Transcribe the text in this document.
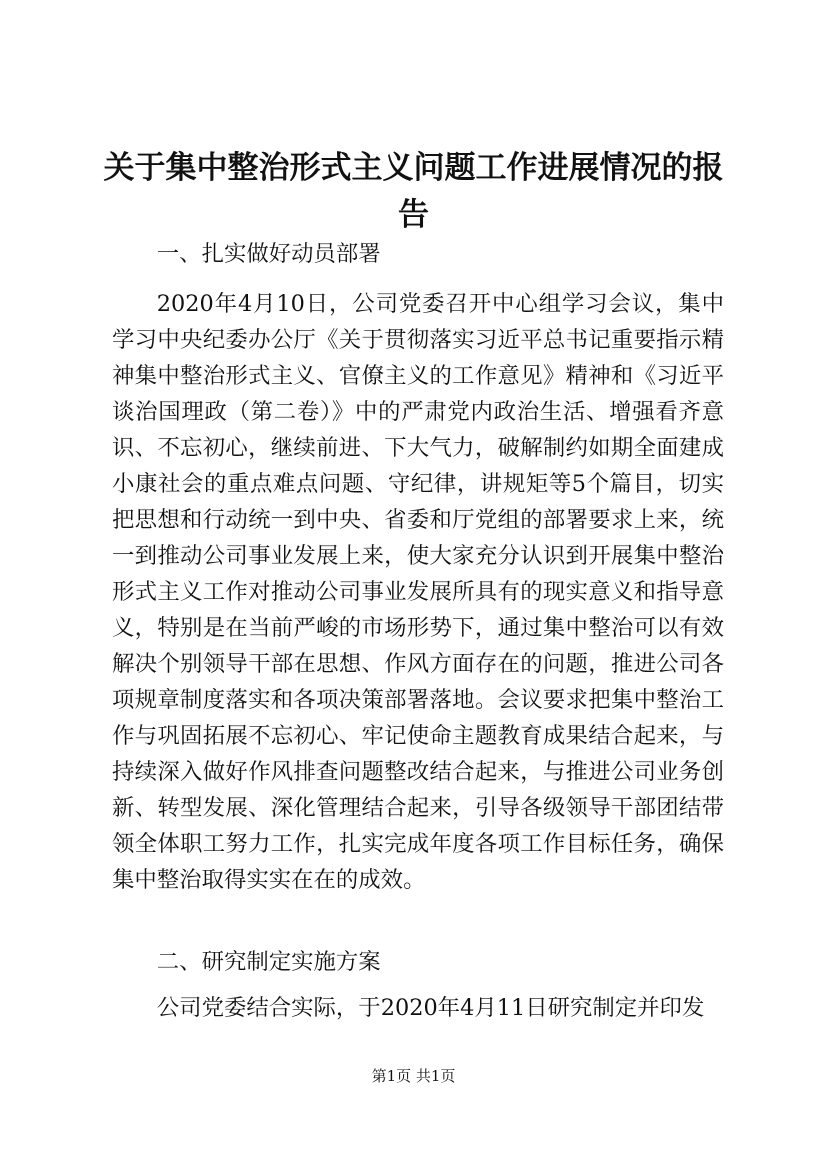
关于集中整治形式主义问题工作进展情况的报告

一、扎实做好动员部署

2020年4月10日，公司党委召开中心组学习会议，集中学习中央纪委办公厅《关于贯彻落实习近平总书记重要指示精神集中整治形式主义、官僚主义的工作意见》精神和《习近平谈治国理政（第二卷）》中的严肃党内政治生活、增强看齐意识、不忘初心，继续前进、下大气力，破解制约如期全面建成小康社会的重点难点问题、守纪律，讲规矩等5个篇目，切实把思想和行动统一到中央、省委和厅党组的部署要求上来，统一到推动公司事业发展上来，使大家充分认识到开展集中整治形式主义工作对推动公司事业发展所具有的现实意义和指导意义，特别是在当前严峻的市场形势下，通过集中整治可以有效解决个别领导干部在思想、作风方面存在的问题，推进公司各项规章制度落实和各项决策部署落地。会议要求把集中整治工作与巩固拓展不忘初心、牢记使命主题教育成果结合起来，与持续深入做好作风排查问题整改结合起来，与推进公司业务创新、转型发展、深化管理结合起来，引导各级领导干部团结带领全体职工努力工作，扎实完成年度各项工作目标任务，确保集中整治取得实实在在的成效。

二、研究制定实施方案

公司党委结合实际，于2020年4月11日研究制定并印发

第1页 共1页
